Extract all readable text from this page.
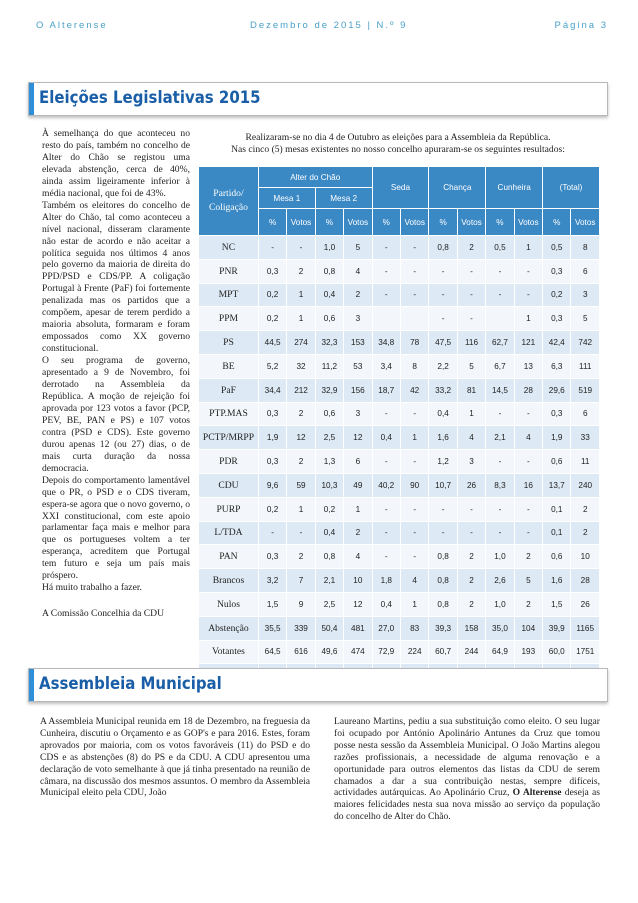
O Alterense	Dezembro de 2015 | N.º 9	Página 3
Eleições Legislativas 2015

À semelhança do que aconteceu no resto do país, também no concelho de Alter do Chão se registou uma elevada abstenção, cerca de 40%, ainda assim ligeiramente inferior à média nacional, que foi de 43%.

Também os eleitores do concelho de Alter do Chão, tal como aconteceu a nível nacional, disseram claramente não estar de acordo e não aceitar a política seguida nos últimos 4 anos pelo governo da maioria de direita do PPD/PSD e CDS/PP. A coligação Portugal à Frente (PaF) foi fortemente penalizada mas os partidos que a compõem, apesar de terem perdido a maioria absoluta, formaram e foram empossados como XX governo constitucional.

O seu programa de governo, apresentado a 9 de Novembro, foi derrotado na Assembleia da República. A moção de rejeição foi aprovada por 123 votos a favor (PCP, PEV, BE, PAN e PS) e 107 votos contra (PSD e CDS). Este governo durou apenas 12 (ou 27) dias, o de mais curta duração da nossa democracia.

Depois do comportamento lamentável que o PR, o PSD e o CDS tiveram, espera-se agora que o novo governo, o XXI constitucional, com este apoio parlamentar faça mais e melhor para que os portugueses voltem a ter esperança, acreditem que Portugal tem futuro e seja um país mais próspero.

Há muito trabalho a fazer.

A Comissão Concelhia da CDU

Realizaram-se no dia 4 de Outubro as eleições para a Assembleia da República.
Nas cinco (5) mesas existentes no nosso concelho apuraram-se os seguintes resultados:
Partido/
Coligação	Alter do Chão				Seda		Chança		Cunheira		(Total)	
	Mesa 1		Mesa 2									
	%	Votos	%	Votos	%	Votos	%	Votos	%	Votos	%	Votos
NC	-	-	1,0	5	-	-	0,8	2	0,5	1	0,5	8
PNR	0,3	2	0,8	4	-	-	-	-	-	-	0,3	6
MPT	0,2	1	0,4	2	-	-	-	-	-	-	0,2	3
PPM	0,2	1	0,6	3			-	-		1	0,3	5
PS	44,5	274	32,3	153	34,8	78	47,5	116	62,7	121	42,4	742
BE	5,2	32	11,2	53	3,4	8	2,2	5	6,7	13	6,3	111
PaF	34,4	212	32,9	156	18,7	42	33,2	81	14,5	28	29,6	519
PTP.MAS	0,3	2	0,6	3	-	-	0,4	1	-	-	0,3	6
PCTP/MRPP	1,9	12	2,5	12	0,4	1	1,6	4	2,1	4	1,9	33
PDR	0,3	2	1,3	6	-	-	1,2	3	-	-	0,6	11
CDU	9,6	59	10,3	49	40,2	90	10,7	26	8,3	16	13,7	240
PURP	0,2	1	0,2	1	-	-	-	-	-	-	0,1	2
L/TDA	-	-	0,4	2	-	-	-	-	-	-	0,1	2
PAN	0,3	2	0,8	4	-	-	0,8	2	1,0	2	0,6	10
Brancos	3,2	7	2,1	10	1,8	4	0,8	2	2,6	5	1,6	28
Nulos	1,5	9	2,5	12	0,4	1	0,8	2	1,0	2	1,5	26
Abstenção	35,5	339	50,4	481	27,0	83	39,3	158	35,0	104	39,9	1165
Votantes	64,5	616	49,6	474	72,9	224	60,7	244	64,9	193	60,0	1751

Assembleia Municipal
A Assembleia Municipal reunida em 18 de Dezembro, na freguesia da Cunheira, discutiu o Orçamento e as GOP's e para 2016. Estes, foram aprovados por maioria, com os votos favoráveis (11) do PSD e do CDS e as abstenções (8) do PS e da CDU. A CDU apresentou uma declaração de voto semelhante à que já tinha presentado na reunião de câmara, na discussão dos mesmos assuntos. O membro da Assembleia Municipal eleito pela CDU, João
Laureano Martins, pediu a sua substituição como eleito. O seu lugar foi ocupado por António Apolinário Antunes da Cruz que tomou posse nesta sessão da Assembleia Municipal. O João Martins alegou razões profissionais, a necessidade de alguma renovação e a oportunidade para outros elementos das listas da CDU de serem chamados a dar a sua contribuição nestas, sempre difíceis, actividades autárquicas. Ao Apolinário Cruz, O Alterense deseja as maiores felicidades nesta sua nova missão ao serviço da população do concelho de Alter do Chão.
